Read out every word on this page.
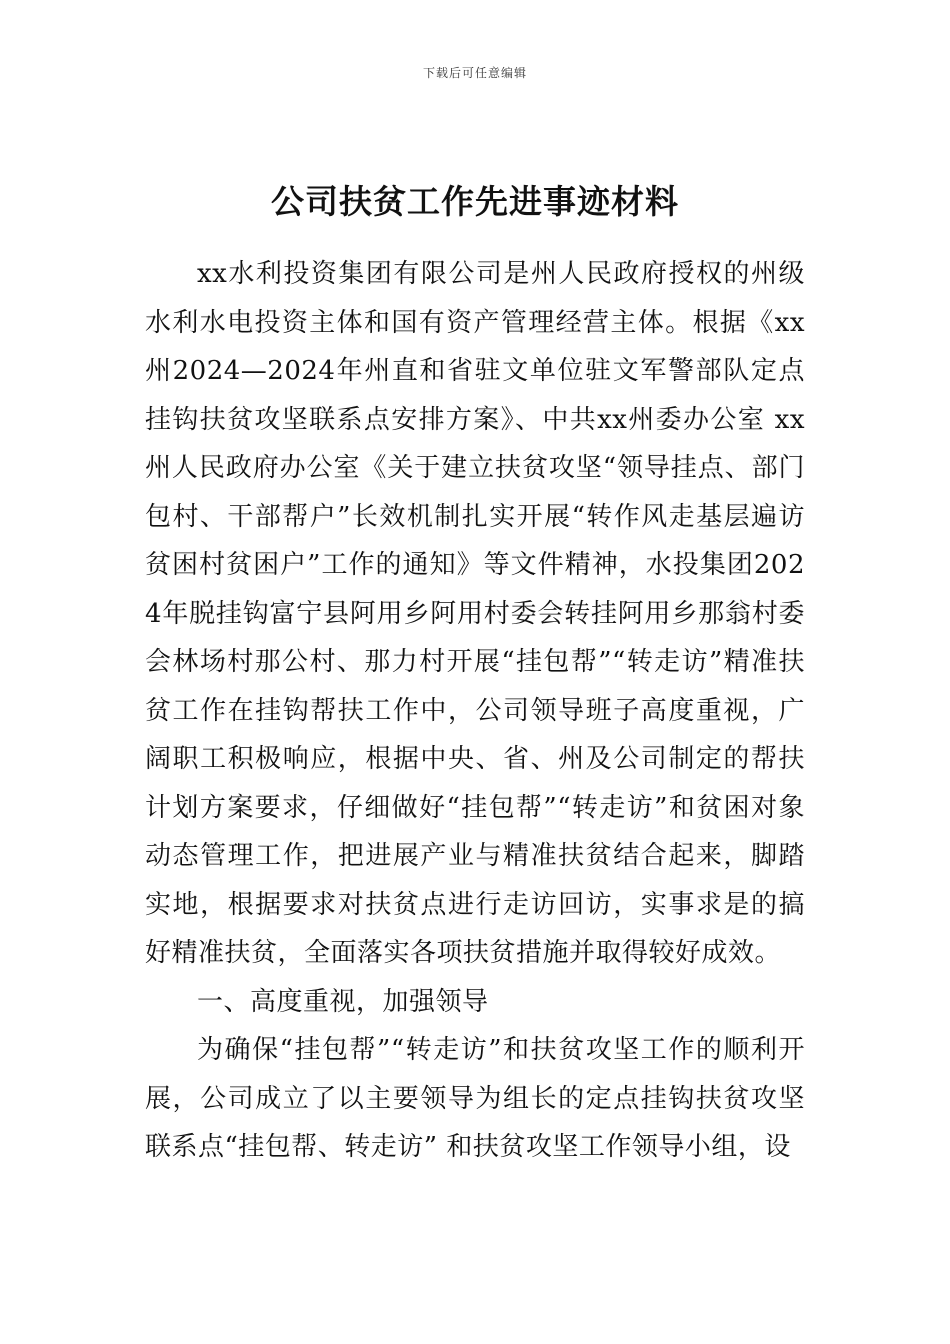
下载后可任意编辑
公司扶贫工作先进事迹材料

xx水利投资集团有限公司是州人民政府授权的州级水利水电投资主体和国有资产管理经营主体。根据《xx州2024—2024年州直和省驻文单位驻文军警部队定点挂钩扶贫攻坚联系点安排方案》、中共xx州委办公室 xx州人民政府办公室《关于建立扶贫攻坚“领导挂点、部门包村、干部帮户”长效机制扎实开展“转作风走基层遍访贫困村贫困户”工作的通知》等文件精神，水投集团2024年脱挂钩富宁县阿用乡阿用村委会转挂阿用乡那翁村委会林场村那公村、那力村开展“挂包帮”“转走访”精准扶贫工作在挂钩帮扶工作中，公司领导班子高度重视，广阔职工积极响应，根据中央、省、州及公司制定的帮扶计划方案要求，仔细做好“挂包帮”“转走访”和贫困对象动态管理工作，把进展产业与精准扶贫结合起来，脚踏实地，根据要求对扶贫点进行走访回访，实事求是的搞好精准扶贫，全面落实各项扶贫措施并取得较好成效。

一、高度重视，加强领导

为确保“挂包帮”“转走访”和扶贫攻坚工作的顺利开展，公司成立了以主要领导为组长的定点挂钩扶贫攻坚联系点“挂包帮、转走访” 和扶贫攻坚工作领导小组，设
